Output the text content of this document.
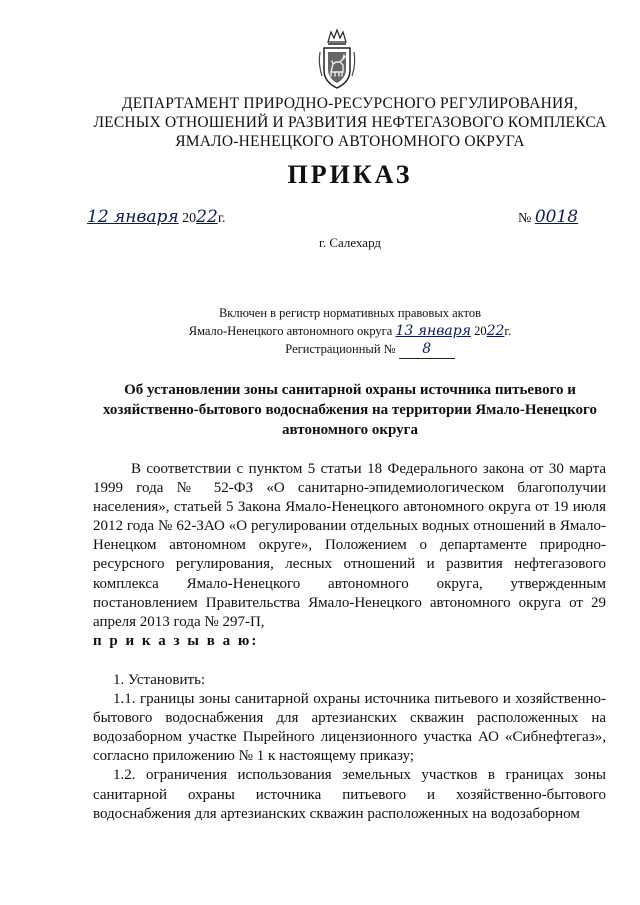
ДЕПАРТАМЕНТ ПРИРОДНО-РЕСУРСНОГО РЕГУЛИРОВАНИЯ,
ЛЕСНЫХ ОТНОШЕНИЙ И РАЗВИТИЯ НЕФТЕГАЗОВОГО КОМПЛЕКСА
ЯМАЛО-НЕНЕЦКОГО АВТОНОМНОГО ОКРУГА
ПРИКАЗ
12 января 2022г.	№ 0018
г. Салехард
Включен в регистр нормативных правовых актов
Ямало-Ненецкого автономного округа 13 января 2022г.
Регистрационный № 8
Об установлении зоны санитарной охраны источника питьевого и хозяйственно-бытового водоснабжения на территории Ямало-Ненецкого автономного округа

В соответствии с пунктом 5 статьи 18 Федерального закона от 30 марта 1999 года № 52-ФЗ «О санитарно-эпидемиологическом благополучии населения», статьей 5 Закона Ямало-Ненецкого автономного округа от 19 июля 2012 года № 62-ЗАО «О регулировании отдельных водных отношений в Ямало-Ненецком автономном округе», Положением о департаменте природно-ресурсного регулирования, лесных отношений и развития нефтегазового комплекса Ямало-Ненецкого автономного округа, утвержденным постановлением Правительства Ямало-Ненецкого автономного округа от 29 апреля 2013 года № 297-П,

п р и к а з ы в а ю:

1. Установить:

1.1. границы зоны санитарной охраны источника питьевого и хозяйственно-бытового водоснабжения для артезианских скважин расположенных на водозаборном участке Пырейного лицензионного участка АО «Сибнефтегаз», согласно приложению № 1 к настоящему приказу;

1.2. ограничения использования земельных участков в границах зоны санитарной охраны источника питьевого и хозяйственно-бытового водоснабжения для артезианских скважин расположенных на водозаборном
